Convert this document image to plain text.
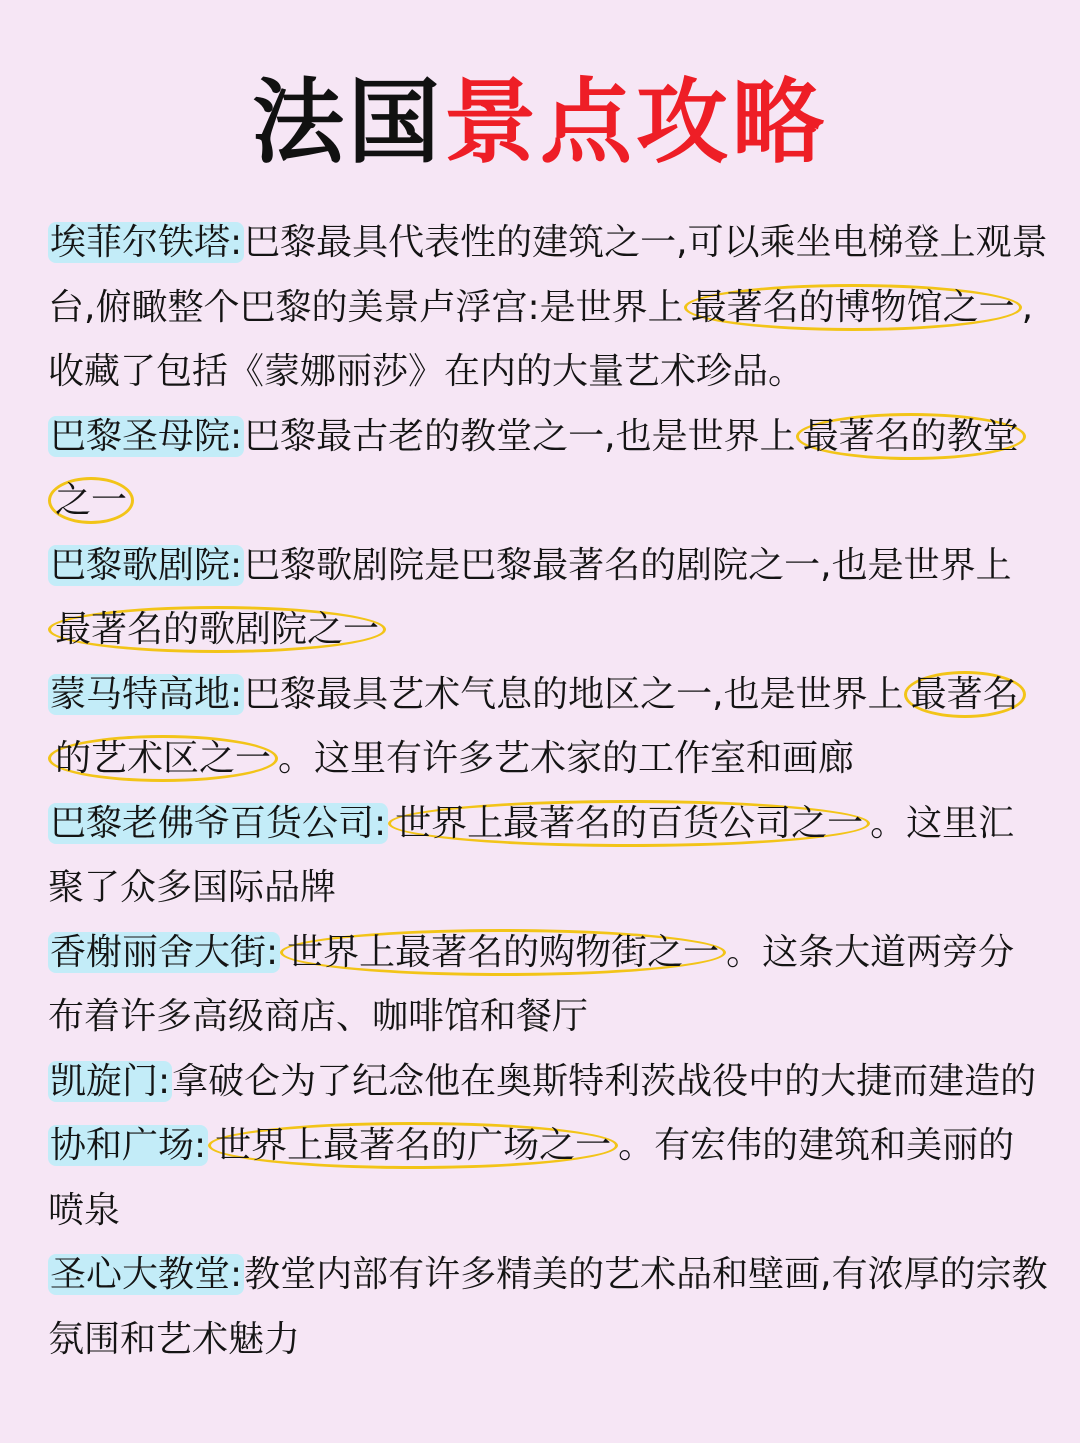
法国景点攻略

埃菲尔铁塔:巴黎最具代表性的建筑之一,可以乘坐电梯登上观景台,俯瞰整个巴黎的美景卢浮宫:是世界上 最著名的博物馆之一 ,收藏了包括《蒙娜丽莎》在内的大量艺术珍品。

巴黎圣母院:巴黎最古老的教堂之一,也是世界上 最著名的教堂之一

巴黎歌剧院:巴黎歌剧院是巴黎最著名的剧院之一,也是世界上最著名的歌剧院之一

蒙马特高地:巴黎最具艺术气息的地区之一,也是世界上 最著名的艺术区之一 。这里有许多艺术家的工作室和画廊

巴黎老佛爷百货公司: 世界上最著名的百货公司之一 。这里汇聚了众多国际品牌

香榭丽舍大街: 世界上最著名的购物街之一 。这条大道两旁分布着许多高级商店、咖啡馆和餐厅

凯旋门:拿破仑为了纪念他在奥斯特利茨战役中的大捷而建造的

协和广场: 世界上最著名的广场之一 。有宏伟的建筑和美丽的喷泉

圣心大教堂:教堂内部有许多精美的艺术品和壁画,有浓厚的宗教氛围和艺术魅力
